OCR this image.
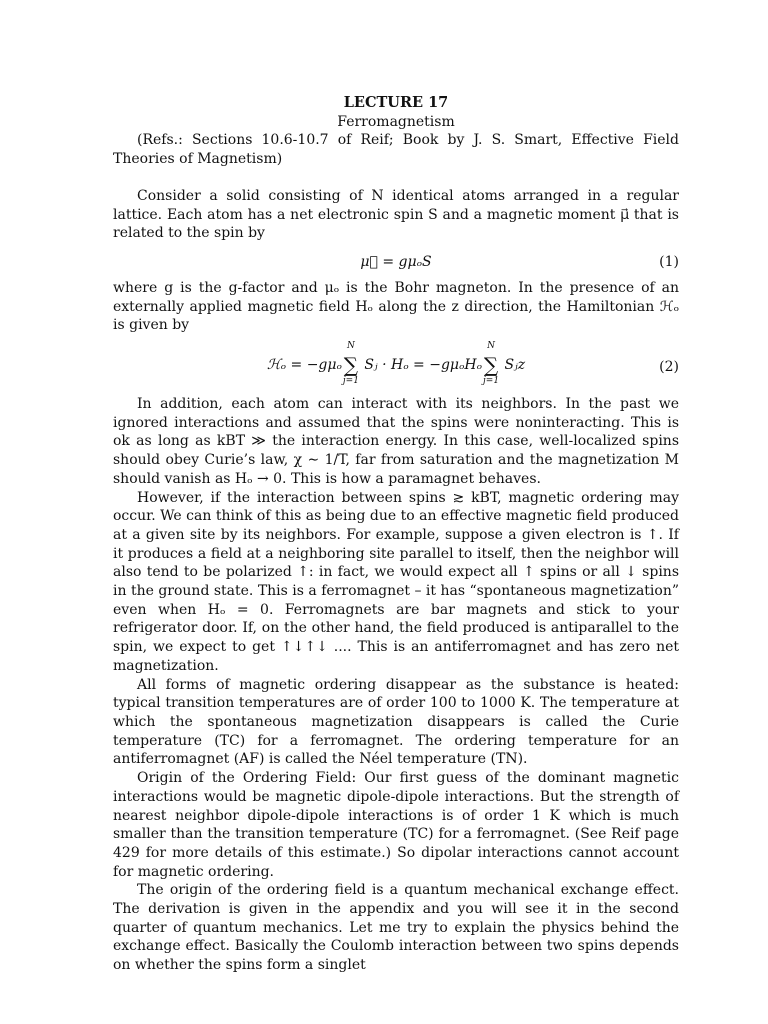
LECTURE 17
Ferromagnetism

(Refs.: Sections 10.6-10.7 of Reif; Book by J. S. Smart, Effective Field Theories of Magnetism)

Consider a solid consisting of N identical atoms arranged in a regular lattice. Each atom has a net electronic spin S and a magnetic moment μ⃗ that is related to the spin by

μ⃗ = gμₒS	(1)

where g is the g-factor and μₒ is the Bohr magneton. In the presence of an externally applied magnetic field Hₒ along the z direction, the Hamiltonian ℋₒ is given by

ℋₒ = −gμₒ∑
N
j=1
Sⱼ · Hₒ = −gμₒHₒ∑
N
j=1
Sⱼz	(2)

In addition, each atom can interact with its neighbors. In the past we ignored interactions and assumed that the spins were noninteracting. This is ok as long as kBT ≫ the interaction energy. In this case, well-localized spins should obey Curie’s law, χ ∼ 1/T, far from saturation and the magnetization M should vanish as Hₒ → 0. This is how a paramagnet behaves.

However, if the interaction between spins ≳ kBT, magnetic ordering may occur. We can think of this as being due to an effective magnetic field produced at a given site by its neighbors. For example, suppose a given electron is ↑. If it produces a field at a neighboring site parallel to itself, then the neighbor will also tend to be polarized ↑: in fact, we would expect all ↑ spins or all ↓ spins in the ground state. This is a ferromagnet – it has “spontaneous magnetization” even when Hₒ = 0. Ferromagnets are bar magnets and stick to your refrigerator door. If, on the other hand, the field produced is antiparallel to the spin, we expect to get ↑↓↑↓ .... This is an antiferromagnet and has zero net magnetization.

All forms of magnetic ordering disappear as the substance is heated: typical transition temperatures are of order 100 to 1000 K. The temperature at which the spontaneous magnetization disappears is called the Curie temperature (TC) for a ferromagnet. The ordering temperature for an antiferromagnet (AF) is called the Néel temperature (TN).

Origin of the Ordering Field: Our first guess of the dominant magnetic interactions would be magnetic dipole-dipole interactions. But the strength of nearest neighbor dipole-dipole interactions is of order 1 K which is much smaller than the transition temperature (TC) for a ferromagnet. (See Reif page 429 for more details of this estimate.) So dipolar interactions cannot account for magnetic ordering.

The origin of the ordering field is a quantum mechanical exchange effect. The derivation is given in the appendix and you will see it in the second quarter of quantum mechanics. Let me try to explain the physics behind the exchange effect. Basically the Coulomb interaction between two spins depends on whether the spins form a singlet
